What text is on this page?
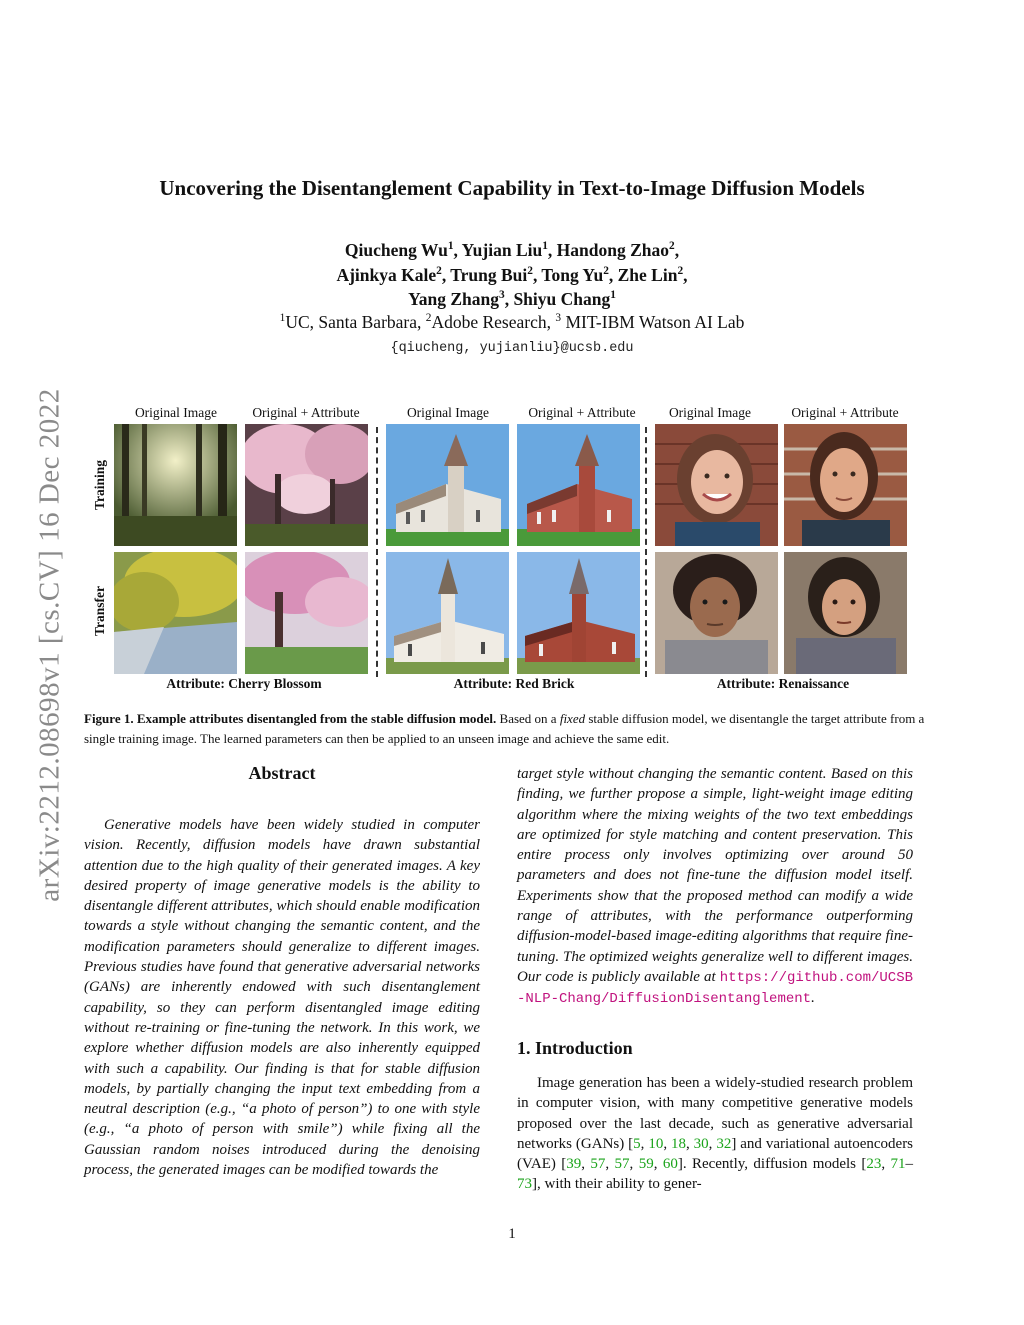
arXiv:2212.08698v1 [cs.CV] 16 Dec 2022
Uncovering the Disentanglement Capability in Text-to-Image Diffusion Models
Qiucheng Wu$^1$, Yujian Liu$^1$, Handong Zhao$^2$,
Ajinkya Kale$^2$, Trung Bui$^2$, Tong Yu$^2$, Zhe Lin$^2$,
Yang Zhang$^3$, Shiyu Chang$^1$
$^1$UC, Santa Barbara, $^2$Adobe Research, $^3$ MIT-IBM Watson AI Lab
{qiucheng, yujianliu}@ucsb.edu
Original Image	Original + Attribute	Original Image	Original + Attribute	Original Image	Original + Attribute
Training
Transfer
Attribute: Cherry Blossom	Attribute: Red Brick	Attribute: Renaissance
Figure 1. Example attributes disentangled from the stable diffusion model. Based on a fixed stable diffusion model, we disentangle the target attribute from a single training image. The learned parameters can then be applied to an unseen image and achieve the same edit.
Abstract
Generative models have been widely studied in computer vision. Recently, diffusion models have drawn substantial attention due to the high quality of their generated images. A key desired property of image generative models is the ability to disentangle different attributes, which should enable modification towards a style without changing the semantic content, and the modification parameters should generalize to different images. Previous studies have found that generative adversarial networks (GANs) are inherently endowed with such disentanglement capability, so they can perform disentangled image editing without re-training or fine-tuning the network. In this work, we explore whether diffusion models are also inherently equipped with such a capability. Our finding is that for stable diffusion models, by partially changing the input text embedding from a neutral description (e.g., “a photo of person”) to one with style (e.g., “a photo of person with smile”) while fixing all the Gaussian random noises introduced during the denoising process, the generated images can be modified towards the
target style without changing the semantic content. Based on this finding, we further propose a simple, light-weight image editing algorithm where the mixing weights of the two text embeddings are optimized for style matching and content preservation. This entire process only involves optimizing over around 50 parameters and does not fine-tune the diffusion model itself. Experiments show that the proposed method can modify a wide range of attributes, with the performance outperforming diffusion-model-based image-editing algorithms that require fine-tuning. The optimized weights generalize well to different images. Our code is publicly available at https://github.com/UCSB-NLP-Chang/DiffusionDisentanglement.
1. Introduction
Image generation has been a widely-studied research problem in computer vision, with many competitive generative models proposed over the last decade, such as generative adversarial networks (GANs) [5, 10, 18, 30, 32] and variational autoencoders (VAE) [39, 57, 57, 59, 60]. Recently, diffusion models [23, 71–73], with their ability to gener-
1
